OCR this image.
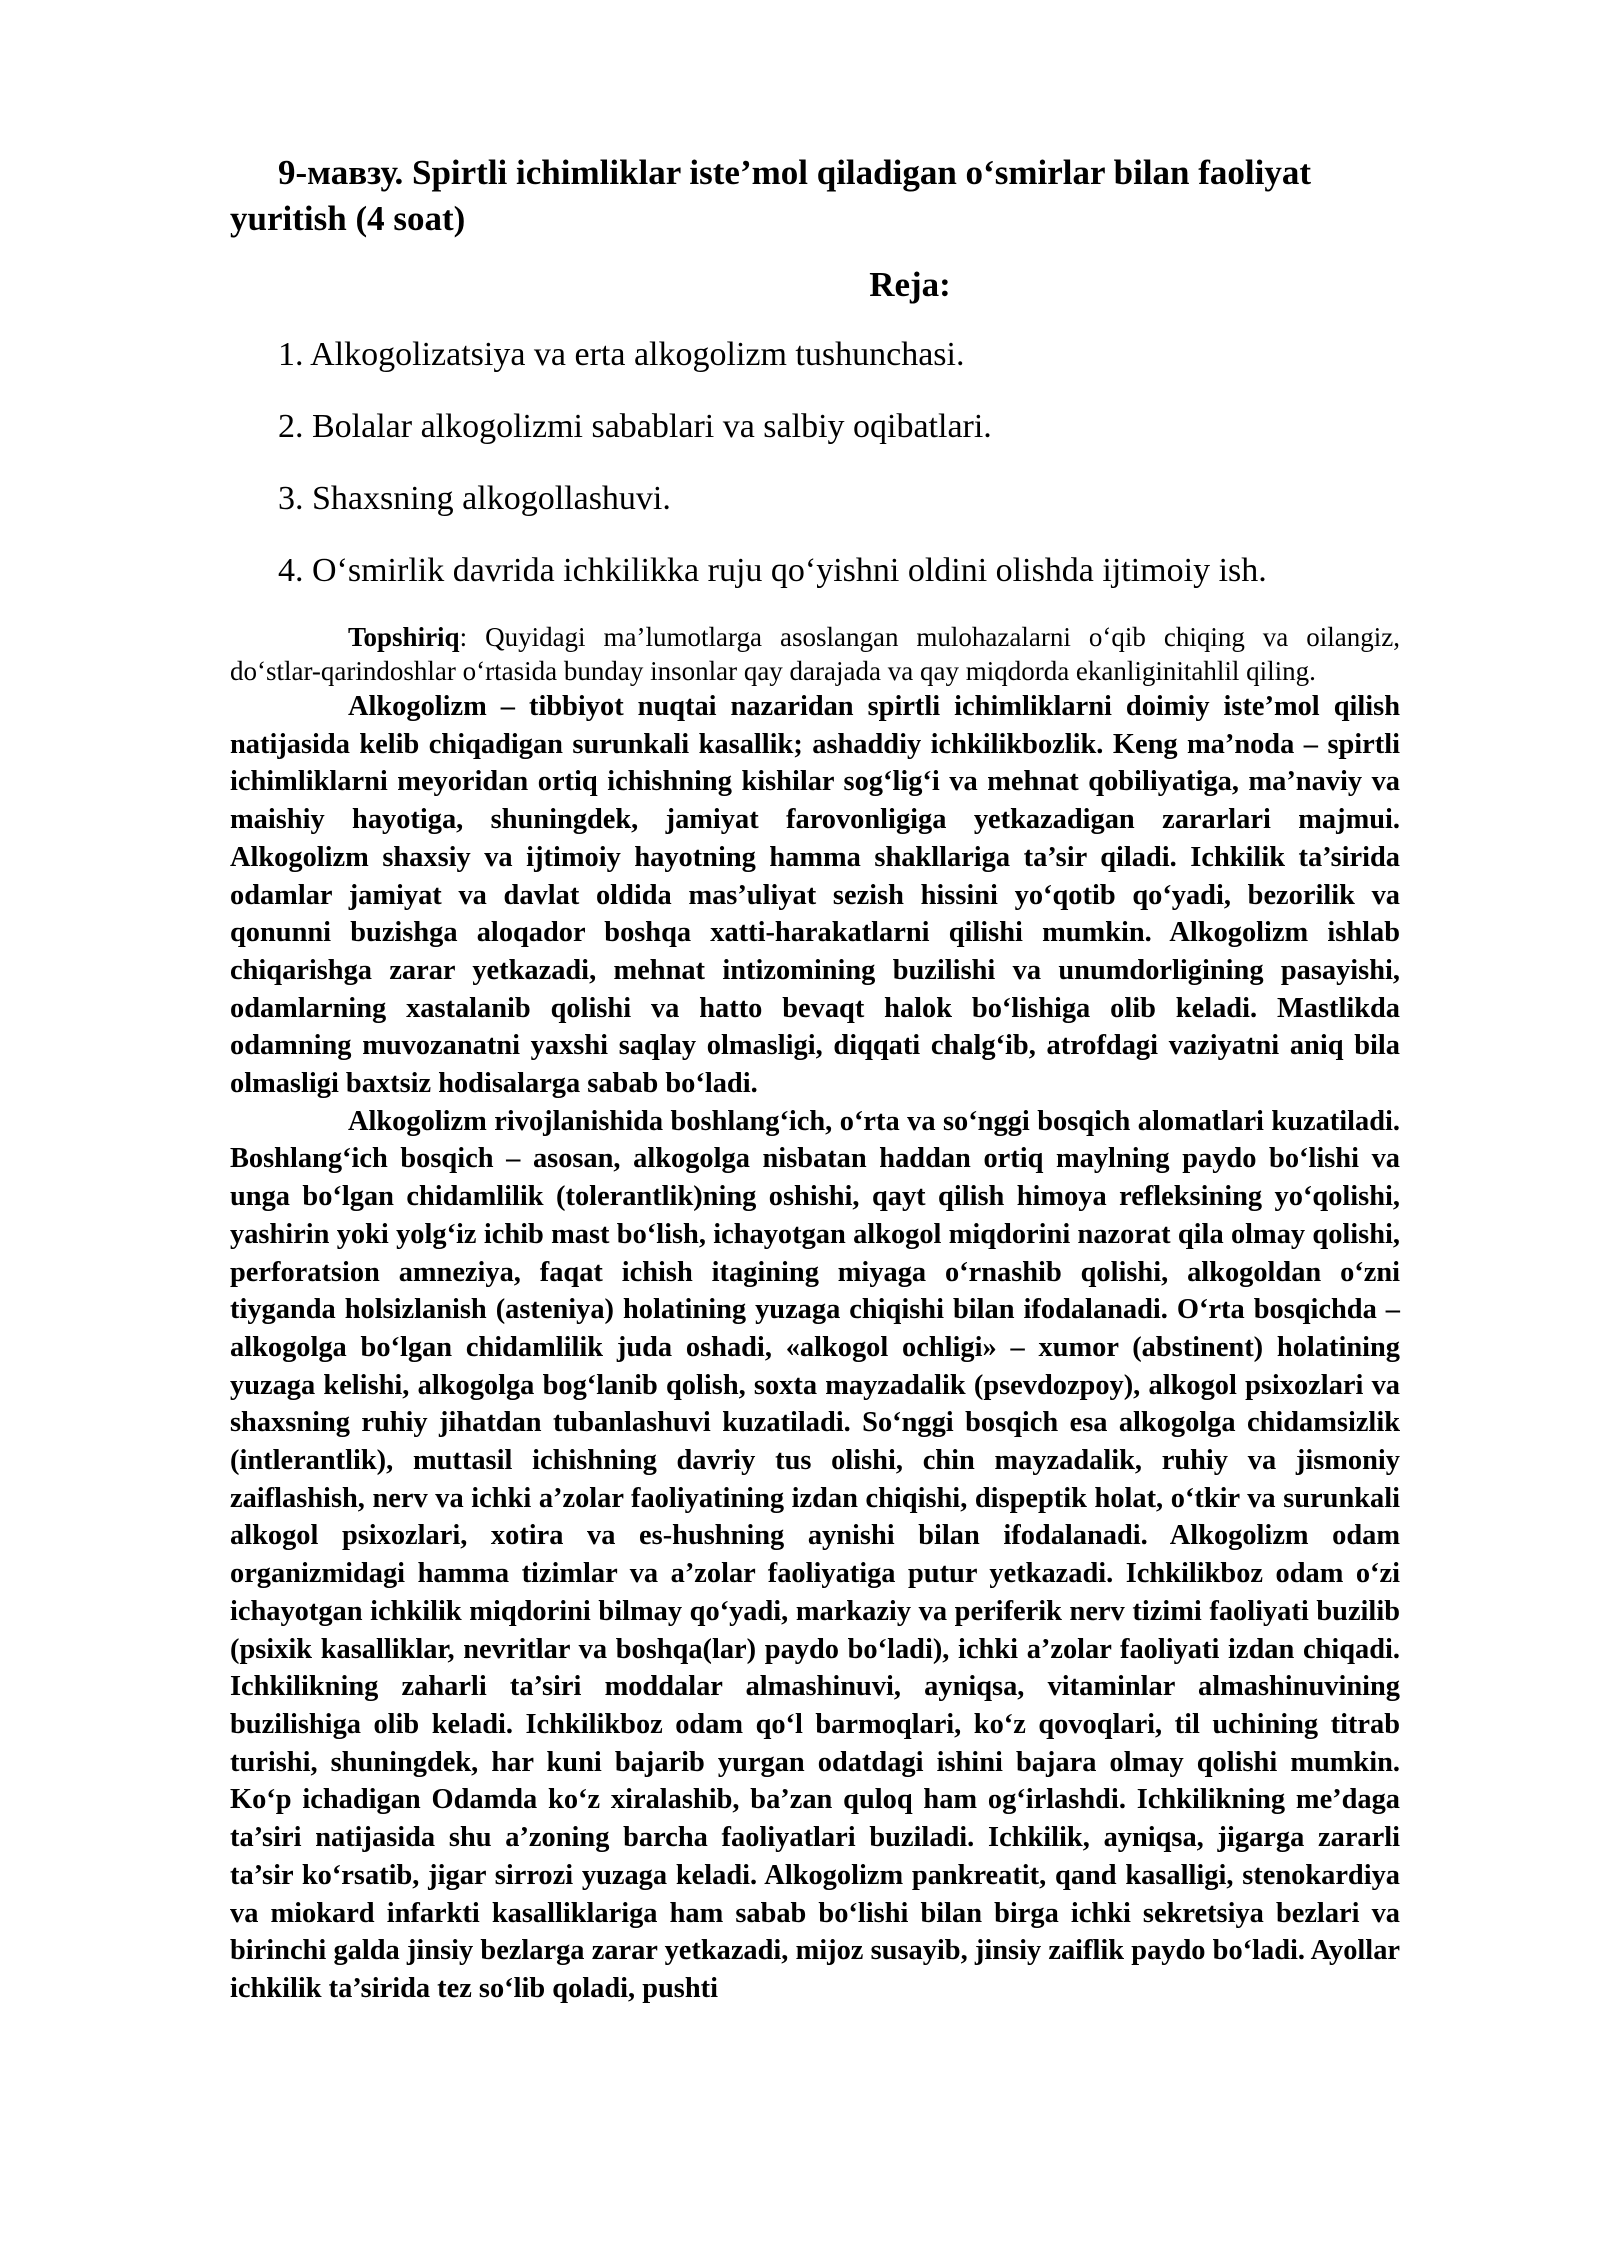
9-мавзу. Spirtli ichimliklar iste’mol qiladigan o‘smirlar bilan faoliyat yuritish (4 soat)
Reja:
1. Alkogolizatsiya va erta alkogolizm tushunchasi.
2. Bolalar alkogolizmi sabablari va salbiy oqibatlari.
3. Shaxsning alkogollashuvi.
4. O‘smirlik davrida ichkilikka ruju qo‘yishni oldini olishda ijtimoiy ish.

Topshiriq: Quyidagi ma’lumotlarga asoslangan mulohazalarni o‘qib chiqing va oilangiz, do‘stlar-qarindoshlar o‘rtasida bunday insonlar qay darajada va qay miqdorda ekanliginitahlil qiling.

Alkogolizm – tibbiyot nuqtai nazaridan spirtli ichimliklarni doimiy iste’mol qilish natijasida kelib chiqadigan surunkali kasallik; ashaddiy ichkilikbozlik. Keng ma’noda – spirtli ichimliklarni meyoridan ortiq ichishning kishilar sog‘lig‘i va mehnat qobiliyatiga, ma’naviy va maishiy hayotiga, shuningdek, jamiyat farovonligiga yetkazadigan zararlari majmui. Alkogolizm shaxsiy va ijtimoiy hayotning hamma shakllariga ta’sir qiladi. Ichkilik ta’sirida odamlar jamiyat va davlat oldida mas’uliyat sezish hissini yo‘qotib qo‘yadi, bezorilik va qonunni buzishga aloqador boshqa xatti-harakatlarni qilishi mumkin. Alkogolizm ishlab chiqarishga zarar yetkazadi, mehnat intizomining buzilishi va unumdorligining pasayishi, odamlarning xastalanib qolishi va hatto bevaqt halok bo‘lishiga olib keladi. Mastlikda odamning muvozanatni yaxshi saqlay olmasligi, diqqati chalg‘ib, atrofdagi vaziyatni aniq bila olmasligi baxtsiz hodisalarga sabab bo‘ladi.

Alkogolizm rivojlanishida boshlang‘ich, o‘rta va so‘nggi bosqich alomatlari kuzatiladi. Boshlang‘ich bosqich – asosan, alkogolga nisbatan haddan ortiq maylning paydo bo‘lishi va unga bo‘lgan chidamlilik (tolerantlik)ning oshishi, qayt qilish himoya refleksining yo‘qolishi, yashirin yoki yolg‘iz ichib mast bo‘lish, ichayotgan alkogol miqdorini nazorat qila olmay qolishi, perforatsion amneziya, faqat ichish itagining miyaga o‘rnashib qolishi, alkogoldan o‘zni tiyganda holsizlanish (asteniya) holatining yuzaga chiqishi bilan ifodalanadi. O‘rta bosqichda – alkogolga bo‘lgan chidamlilik juda oshadi, «alkogol ochligi» – xumor (abstinent) holatining yuzaga kelishi, alkogolga bog‘lanib qolish, soxta mayzadalik (psevdozpoy), alkogol psixozlari va shaxsning ruhiy jihatdan tubanlashuvi kuzatiladi. So‘nggi bosqich esa alkogolga chidamsizlik (intlerantlik), muttasil ichishning davriy tus olishi, chin mayzadalik, ruhiy va jismoniy zaiflashish, nerv va ichki a’zolar faoliyatining izdan chiqishi, dispeptik holat, o‘tkir va surunkali alkogol psixozlari, xotira va es-hushning aynishi bilan ifodalanadi. Alkogolizm odam organizmidagi hamma tizimlar va a’zolar faoliyatiga putur yetkazadi. Ichkilikboz odam o‘zi ichayotgan ichkilik miqdorini bilmay qo‘yadi, markaziy va periferik nerv tizimi faoliyati buzilib (psixik kasalliklar, nevritlar va boshqa(lar) paydo bo‘ladi), ichki a’zolar faoliyati izdan chiqadi. Ichkilikning zaharli ta’siri moddalar almashinuvi, ayniqsa, vitaminlar almashinuvining buzilishiga olib keladi. Ichkilikboz odam qo‘l barmoqlari, ko‘z qovoqlari, til uchining titrab turishi, shuningdek, har kuni bajarib yurgan odatdagi ishini bajara olmay qolishi mumkin. Ko‘p ichadigan Odamda ko‘z xiralashib, ba’zan quloq ham og‘irlashdi. Ichkilikning me’daga ta’siri natijasida shu a’zoning barcha faoliyatlari buziladi. Ichkilik, ayniqsa, jigarga zararli ta’sir ko‘rsatib, jigar sirrozi yuzaga keladi. Alkogolizm pankreatit, qand kasalligi, stenokardiya va miokard infarkti kasalliklariga ham sabab bo‘lishi bilan birga ichki sekretsiya bezlari va birinchi galda jinsiy bezlarga zarar yetkazadi, mijoz susayib, jinsiy zaiflik paydo bo‘ladi. Ayollar ichkilik ta’sirida tez so‘lib qoladi, pushti
